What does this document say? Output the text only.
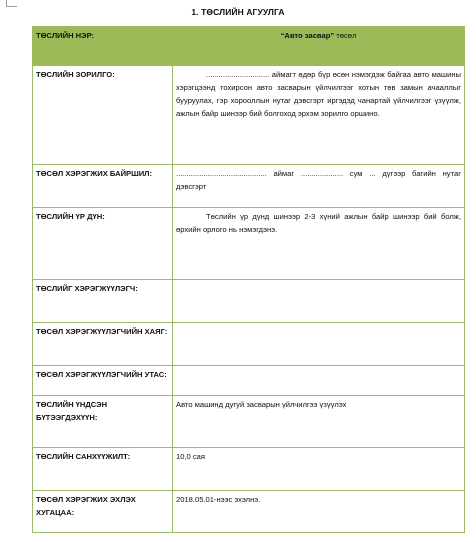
1. ТӨСЛИЙН АГУУЛГА
ТӨСЛИЙН НЭР:	“Авто засвар” төсөл
ТӨСЛИЙН ЗОРИЛГО:	.............................. аймагт өдөр бүр өсөн нэмэгдэж байгаа авто машины хэрэгцээнд тохирсон авто засварын үйлчилгээг хотын төв замын ачааллыг бууруулах, гэр хорооллын нутаг дэвсгэрт иргэдэд чанартай үйлчилгээг үзүүлж, ажлын байр шинээр бий болгоход эрхэм зорилго оршино.
ТӨСӨЛ ХЭРЭГЖИХ БАЙРШИЛ:	........................................... аймаг .................... сум ... дүгээр багийн нутаг дэвсгэрт
ТӨСЛИЙН ҮР ДҮН:	Төслийн үр дүнд шинээр 2-3 хүний ажлын байр шинээр бий болж, өрхийн орлого нь нэмэгдэнэ.
ТӨСЛИЙГ ХЭРЭГЖҮҮЛЭГЧ:	
ТӨСӨЛ ХЭРЭГЖҮҮЛЭГЧИЙН ХАЯГ:	
ТӨСӨЛ ХЭРЭГЖҮҮЛЭГЧИЙН УТАС:	
ТӨСЛИЙН ҮНДСЭН БҮТЭЭГДЭХҮҮН:	Авто машинд дугуй засварын үйлчилгээ үзүүлэх
ТӨСЛИЙН САНХҮҮЖИЛТ:	10,0 сая
ТӨСӨЛ ХЭРЭГЖИХ ЭХЛЭХ ХУГАЦАА:	2018.05.01-нээс эхэлнэ.
